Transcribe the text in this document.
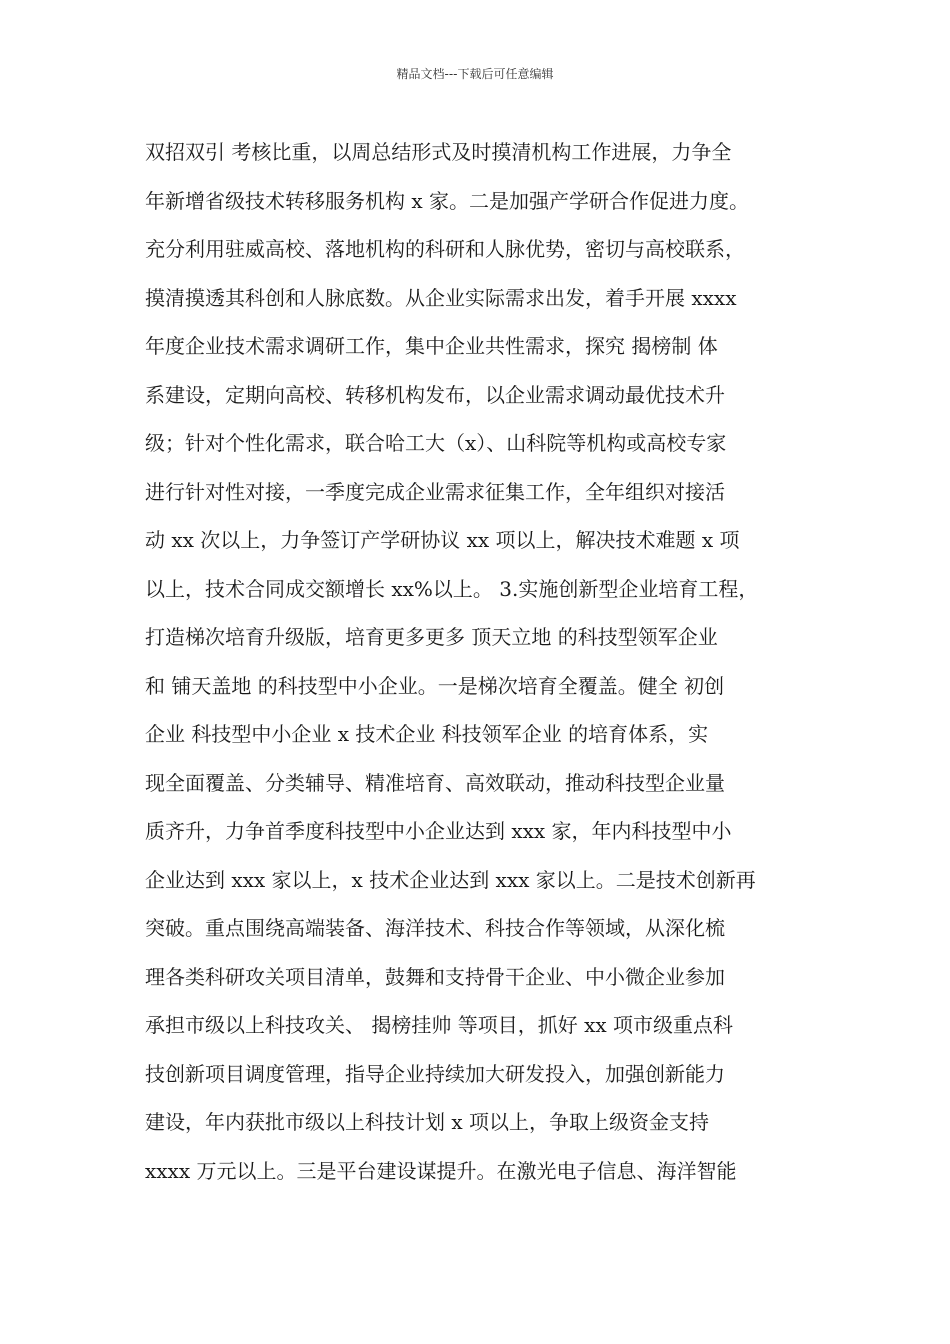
精品文档---下载后可任意编辑
双招双引 考核比重，以周总结形式及时摸清机构工作进展，力争全
年新增省级技术转移服务机构 x 家。二是加强产学研合作促进力度。
充分利用驻威高校、落地机构的科研和人脉优势，密切与高校联系，
摸清摸透其科创和人脉底数。从企业实际需求出发，着手开展 xxxx
年度企业技术需求调研工作，集中企业共性需求，探究 揭榜制 体
系建设，定期向高校、转移机构发布，以企业需求调动最优技术升
级；针对个性化需求，联合哈工大（x）、山科院等机构或高校专家
进行针对性对接，一季度完成企业需求征集工作，全年组织对接活
动 xx 次以上，力争签订产学研协议 xx 项以上，解决技术难题 x 项
以上，技术合同成交额增长 xx%以上。 3.实施创新型企业培育工程，
打造梯次培育升级版，培育更多更多 顶天立地 的科技型领军企业
和 铺天盖地 的科技型中小企业。一是梯次培育全覆盖。健全 初创
企业 科技型中小企业 x 技术企业 科技领军企业 的培育体系，实
现全面覆盖、分类辅导、精准培育、高效联动，推动科技型企业量
质齐升，力争首季度科技型中小企业达到 xxx 家，年内科技型中小
企业达到 xxx 家以上，x 技术企业达到 xxx 家以上。二是技术创新再
突破。重点围绕高端装备、海洋技术、科技合作等领域，从深化梳
理各类科研攻关项目清单，鼓舞和支持骨干企业、中小微企业参加
承担市级以上科技攻关、 揭榜挂帅 等项目，抓好 xx 项市级重点科
技创新项目调度管理，指导企业持续加大研发投入，加强创新能力
建设，年内获批市级以上科技计划 x 项以上，争取上级资金支持
xxxx 万元以上。三是平台建设谋提升。在激光电子信息、海洋智能
